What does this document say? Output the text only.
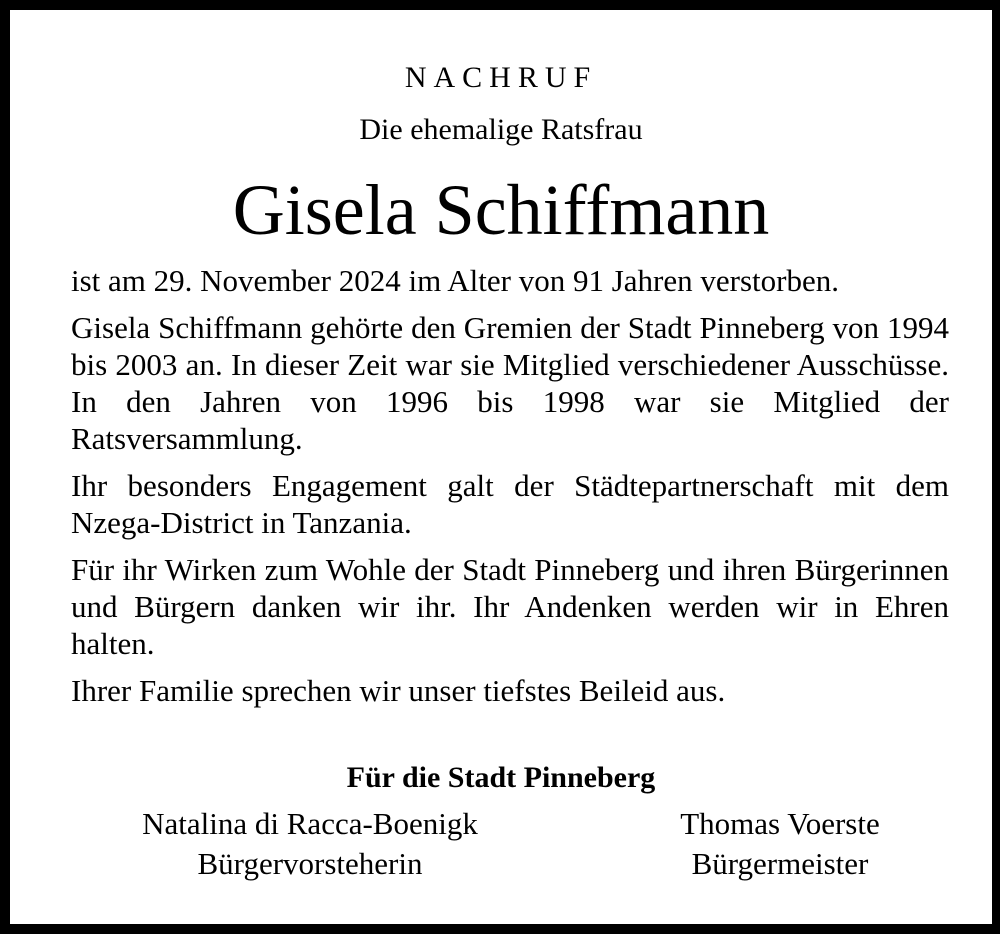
NACHRUF
Die ehemalige Ratsfrau
Gisela Schiffmann

ist am 29. November 2024 im Alter von 91 Jahren verstorben.

Gisela Schiffmann gehörte den Gremien der Stadt Pinneberg von 1994 bis 2003 an. In dieser Zeit war sie Mitglied verschiedener Ausschüsse. In den Jahren von 1996 bis 1998 war sie Mitglied der Ratsversammlung.

Ihr besonders Engagement galt der Städtepartnerschaft mit dem Nzega-District in Tanzania.

Für ihr Wirken zum Wohle der Stadt Pinneberg und ihren Bürgerinnen und Bürgern danken wir ihr. Ihr Andenken werden wir in Ehren halten.

Ihrer Familie sprechen wir unser tiefstes Beileid aus.

Für die Stadt Pinneberg
Natalina di Racca-Boenigk
Bürgervorsteherin
Thomas Voerste
Bürgermeister
